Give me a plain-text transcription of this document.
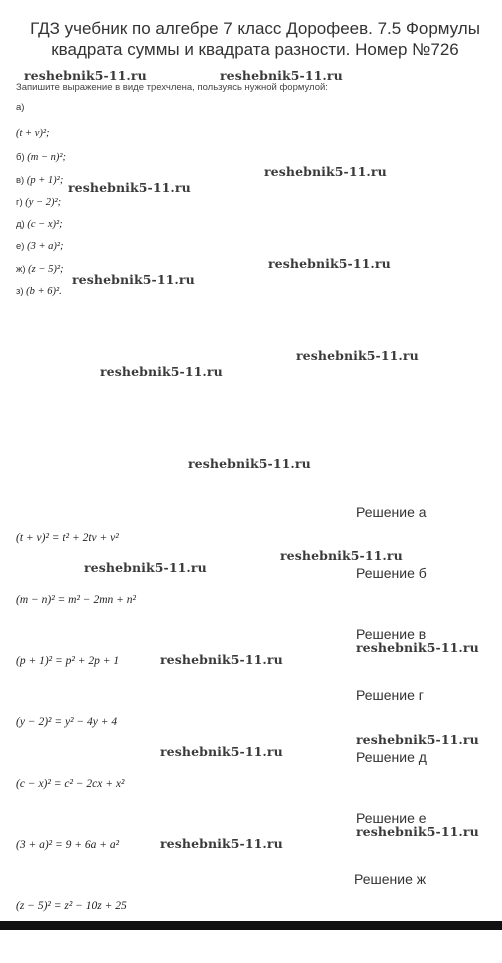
ГДЗ учебник по алгебре 7 класс Дорофеев. 7.5 Формулы квадрата суммы и квадрата разности. Номер №726
reshebnik5-11.ru	reshebnik5-11.ru
Запишите выражение в виде трехчлена, пользуясь нужной формулой:
а)
(t + v)²;
б) (m − n)²;
в) (p + 1)²;
г) (y − 2)²;
д) (c − x)²;
е) (3 + a)²;
ж) (z − 5)²;
з) (b + 6)².
reshebnik5-11.ru
reshebnik5-11.ru
reshebnik5-11.ru
reshebnik5-11.ru
reshebnik5-11.ru
reshebnik5-11.ru
reshebnik5-11.ru
Решение а
(t + v)² = t² + 2tv + v²
reshebnik5-11.ru
reshebnik5-11.ru	Решение б
(m − n)² = m² − 2mn + n²
Решение в
reshebnik5-11.ru
(p + 1)² = p² + 2p + 1	reshebnik5-11.ru
Решение г
(y − 2)² = y² − 4y + 4
reshebnik5-11.ru
reshebnik5-11.ru	Решение д
(c − x)² = c² − 2cx + x²
Решение е
reshebnik5-11.ru
(3 + a)² = 9 + 6a + a²	reshebnik5-11.ru
Решение ж
(z − 5)² = z² − 10z + 25
